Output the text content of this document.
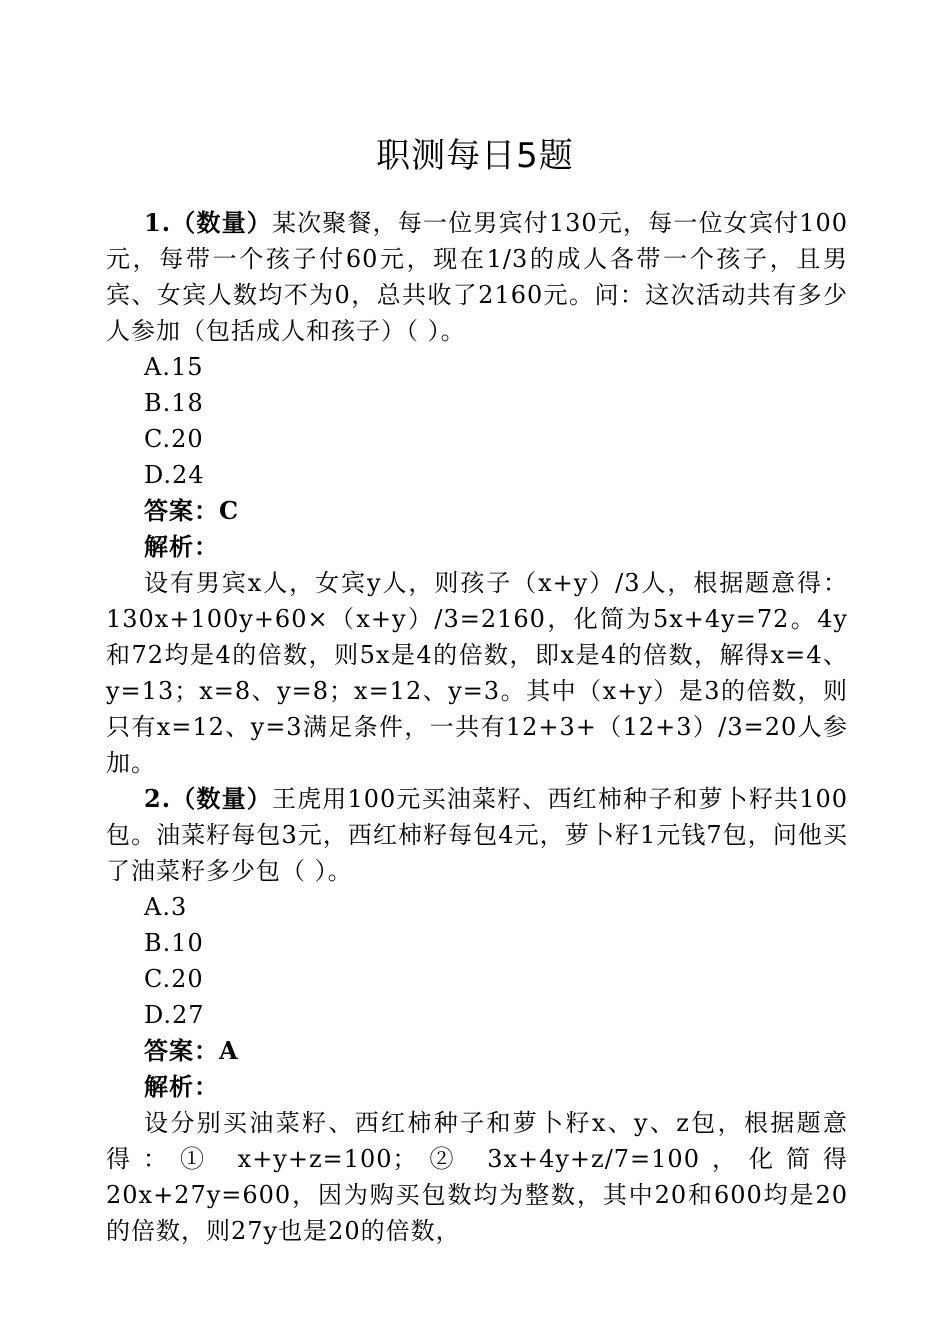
职测每日5题

1.（数量）某次聚餐，每一位男宾付130元，每一位女宾付100元，每带一个孩子付60元，现在1/3的成人各带一个孩子，且男宾、女宾人数均不为0，总共收了2160元。问：这次活动共有多少人参加（包括成人和孩子）（ ）。

A.15

B.18

C.20

D.24

答案：C

解析：

设有男宾x人，女宾y人，则孩子（x+y）/3人，根据题意得：130x+100y+60×（x+y）/3=2160，化简为5x+4y=72。4y和72均是4的倍数，则5x是4的倍数，即x是4的倍数，解得x=4、y=13；x=8、y=8；x=12、y=3。其中（x+y）是3的倍数，则只有x=12、y=3满足条件，一共有12+3+（12+3）/3=20人参加。

2.（数量）王虎用100元买油菜籽、西红柿种子和萝卜籽共100包。油菜籽每包3元，西红柿籽每包4元，萝卜籽1元钱7包，问他买了油菜籽多少包（ ）。

A.3

B.10

C.20

D.27

答案：A

解析：

设分别买油菜籽、西红柿种子和萝卜籽x、y、z包，根据题意得：① x+y+z=100；② 3x+4y+z/7=100，化简得20x+27y=600，因为购买包数均为整数，其中20和600均是20的倍数，则27y也是20的倍数，
